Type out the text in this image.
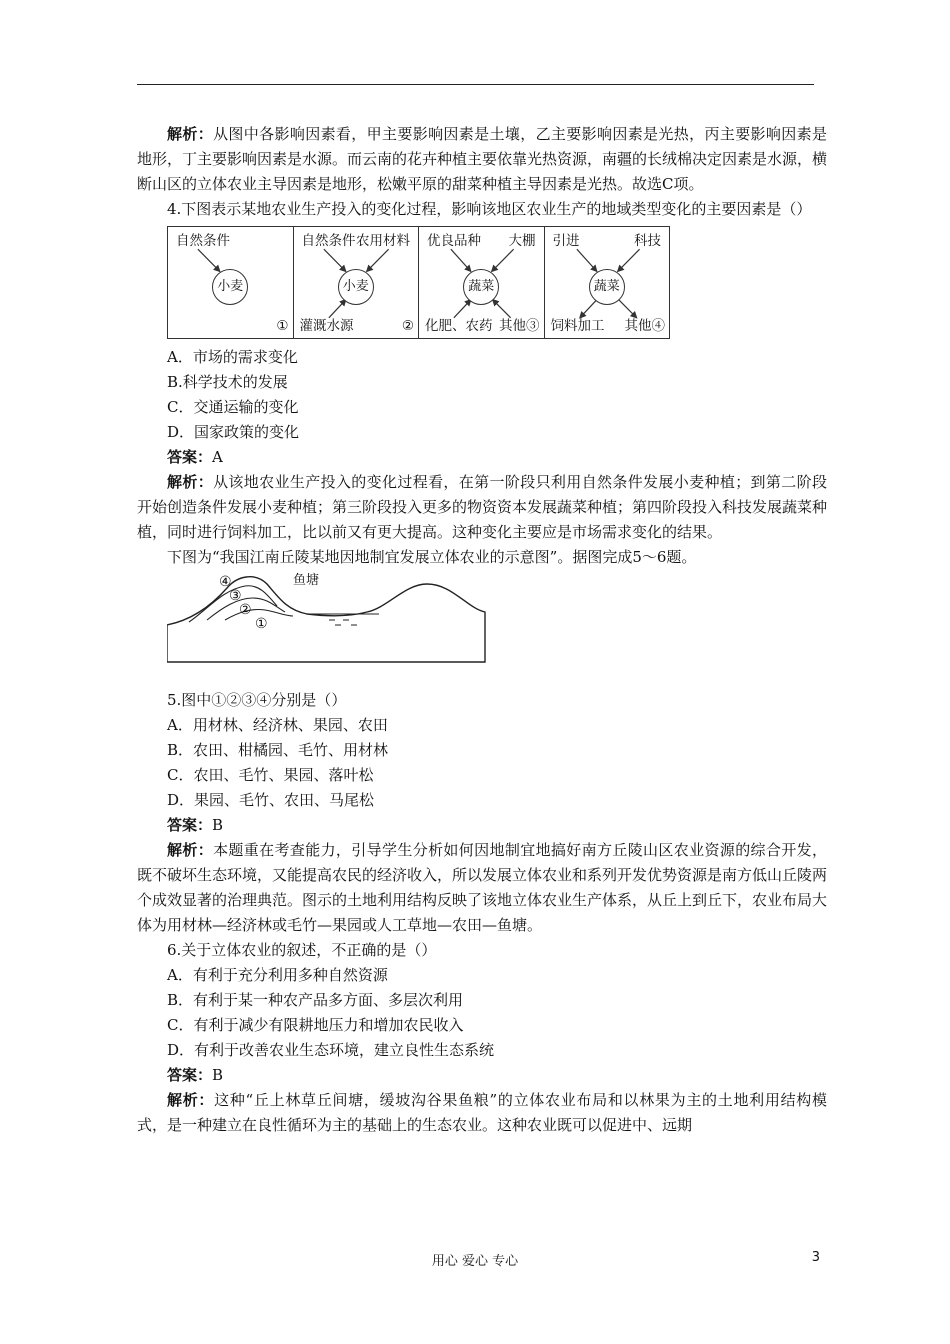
解析：从图中各影响因素看，甲主要影响因素是土壤，乙主要影响因素是光热，丙主要影响因素是地形，丁主要影响因素是水源。而云南的花卉种植主要依靠光热资源，南疆的长绒棉决定因素是水源，横断山区的立体农业主导因素是地形，松嫩平原的甜菜种植主导因素是光热。故选C项。

4.下图表示某地农业生产投入的变化过程，影响该地区农业生产的地域类型变化的主要因素是（）

自然条件
小麦
①
自然条件 农用材料
小麦
灌溉水源	②
优良品种 大棚
蔬菜
化肥、农药 其他③
引进	科技
蔬菜
饲料加工 其他④

A．市场的需求变化

B.科学技术的发展

C．交通运输的变化

D．国家政策的变化

答案：A

解析：从该地农业生产投入的变化过程看，在第一阶段只利用自然条件发展小麦种植；到第二阶段开始创造条件发展小麦种植；第三阶段投入更多的物资资本发展蔬菜种植；第四阶段投入科技发展蔬菜种植，同时进行饲料加工，比以前又有更大提高。这种变化主要应是市场需求变化的结果。

下图为“我国江南丘陵某地因地制宜发展立体农业的示意图”。据图完成5～6题。

鱼塘
④
③
②
①

5.图中①②③④分别是（）

A．用材林、经济林、果园、农田

B．农田、柑橘园、毛竹、用材林

C．农田、毛竹、果园、落叶松

D．果园、毛竹、农田、马尾松

答案：B

解析：本题重在考查能力，引导学生分析如何因地制宜地搞好南方丘陵山区农业资源的综合开发，既不破坏生态环境，又能提高农民的经济收入，所以发展立体农业和系列开发优势资源是南方低山丘陵两个成效显著的治理典范。图示的土地利用结构反映了该地立体农业生产体系，从丘上到丘下，农业布局大体为用材林—经济林或毛竹—果园或人工草地—农田—鱼塘。

6.关于立体农业的叙述，不正确的是（）

A．有利于充分利用多种自然资源

B．有利于某一种农产品多方面、多层次利用

C．有利于减少有限耕地压力和增加农民收入

D．有利于改善农业生态环境，建立良性生态系统

答案：B

解析：这种“丘上林草丘间塘，缓坡沟谷果鱼粮”的立体农业布局和以林果为主的土地利用结构模式，是一种建立在良性循环为主的基础上的生态农业。这种农业既可以促进中、远期

用心 爱心 专心	3
